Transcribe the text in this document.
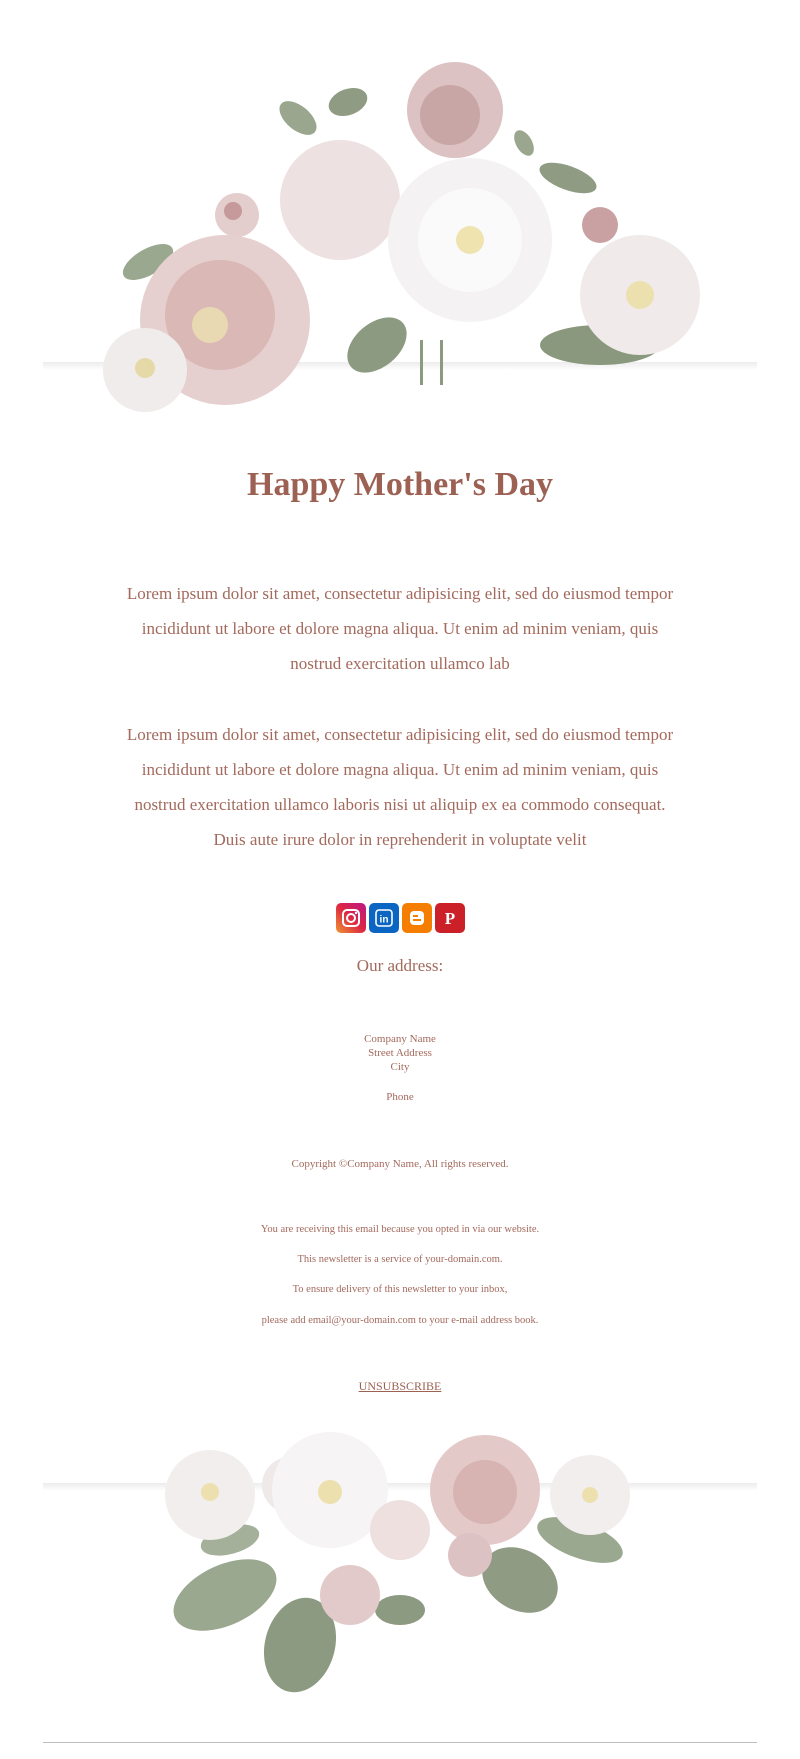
Happy Mother's Day

Lorem ipsum dolor sit amet, consectetur adipisicing elit, sed do eiusmod tempor incididunt ut labore et dolore magna aliqua. Ut enim ad minim veniam, quis nostrud exercitation ullamco lab

Lorem ipsum dolor sit amet, consectetur adipisicing elit, sed do eiusmod tempor incididunt ut labore et dolore magna aliqua. Ut enim ad minim veniam, quis nostrud exercitation ullamco laboris nisi ut aliquip ex ea commodo consequat. Duis aute irure dolor in reprehenderit in voluptate velit

in	P
Our address:
Company Name
Street Address
City
Phone
Copyright ©Company Name, All rights reserved.
You are receiving this email because you opted in via our website.
This newsletter is a service of your-domain.com.
To ensure delivery of this newsletter to your inbox,
please add email@your-domain.com to your e-mail address book.
UNSUBSCRIBE
